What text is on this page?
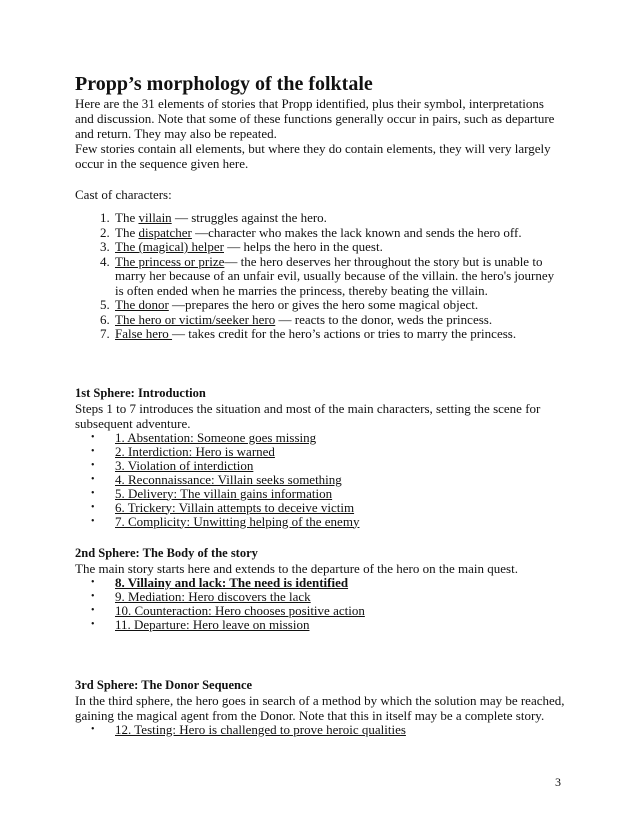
Propp’s morphology of the folktale

Here are the 31 elements of stories that Propp identified, plus their symbol, interpretations and discussion. Note that some of these functions generally occur in pairs, such as departure and return. They may also be repeated.

Few stories contain all elements, but where they do contain elements, they will very largely occur in the sequence given here.

Cast of characters:

1. The villain — struggles against the hero.
2. The dispatcher —character who makes the lack known and sends the hero off.
3. The (magical) helper — helps the hero in the quest.
4. The princess or prize— the hero deserves her throughout the story but is unable to marry her because of an unfair evil, usually because of the villain. the hero's journey is often ended when he marries the princess, thereby beating the villain.
5. The donor —prepares the hero or gives the hero some magical object.
6. The hero or victim/seeker hero — reacts to the donor, weds the princess.
7. False hero — takes credit for the hero’s actions or tries to marry the princess.
1st Sphere: Introduction

Steps 1 to 7 introduces the situation and most of the main characters, setting the scene for subsequent adventure.

• 1. Absentation: Someone goes missing
• 2. Interdiction: Hero is warned
• 3. Violation of interdiction
• 4. Reconnaissance: Villain seeks something
• 5. Delivery: The villain gains information
• 6. Trickery: Villain attempts to deceive victim
• 7. Complicity: Unwitting helping of the enemy
2nd Sphere: The Body of the story

The main story starts here and extends to the departure of the hero on the main quest.

• 8. Villainy and lack: The need is identified
• 9. Mediation: Hero discovers the lack
• 10. Counteraction: Hero chooses positive action
• 11. Departure: Hero leave on mission
3rd Sphere: The Donor Sequence

In the third sphere, the hero goes in search of a method by which the solution may be reached, gaining the magical agent from the Donor. Note that this in itself may be a complete story.

• 12. Testing: Hero is challenged to prove heroic qualities
3
